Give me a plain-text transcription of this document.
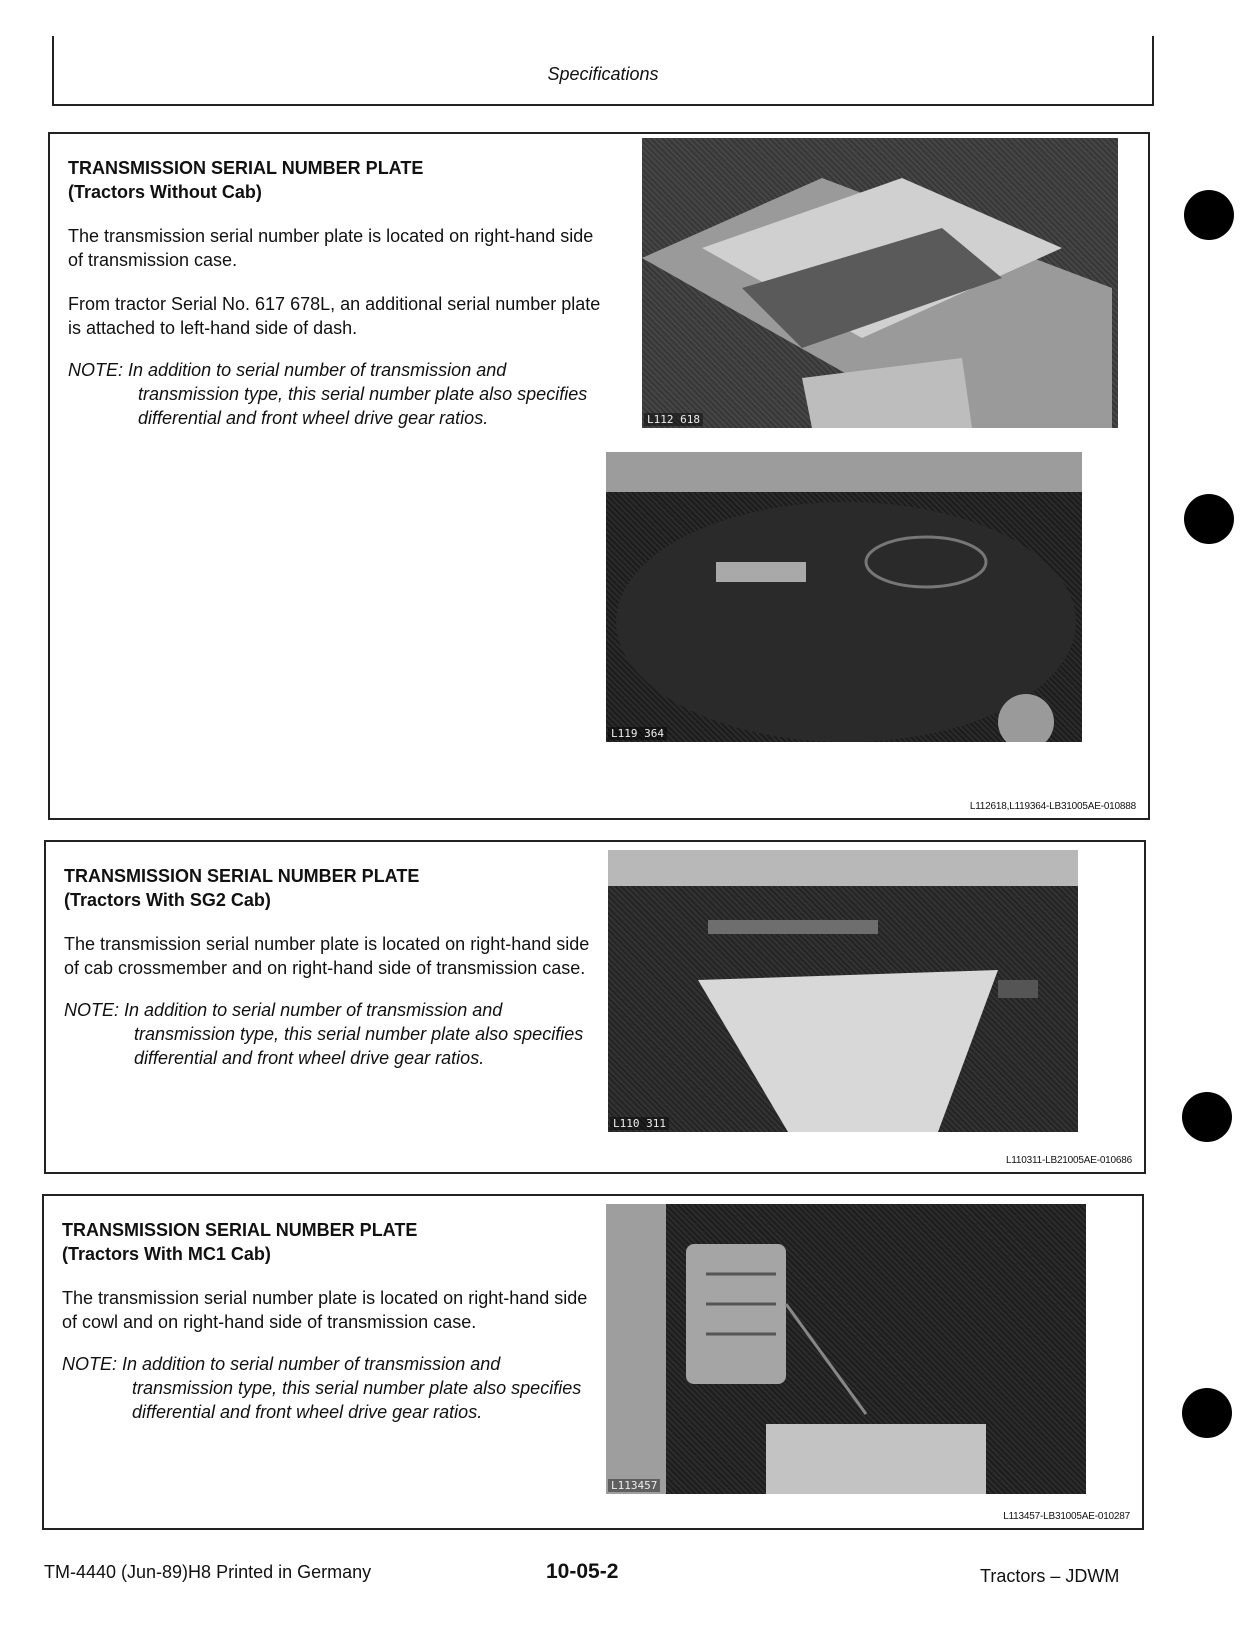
Specifications
TRANSMISSION SERIAL NUMBER PLATE
(Tractors Without Cab)
The transmission serial number plate is located on right-hand side of transmission case.
From tractor Serial No. 617 678L, an additional serial number plate is attached to left-hand side of dash.
NOTE: In addition to serial number of transmission and transmission type, this serial number plate also specifies differential and front wheel drive gear ratios.	L112 618
L119 364
L112618,L119364-LB31005AE-010888
TRANSMISSION SERIAL NUMBER PLATE
(Tractors With SG2 Cab)
The transmission serial number plate is located on right-hand side of cab crossmember and on right-hand side of transmission case.
NOTE: In addition to serial number of transmission and transmission type, this serial number plate also specifies differential and front wheel drive gear ratios.
L110 311
L110311-LB21005AE-010686
TRANSMISSION SERIAL NUMBER PLATE
(Tractors With MC1 Cab)
The transmission serial number plate is located on right-hand side of cowl and on right-hand side of transmission case.
NOTE: In addition to serial number of transmission and transmission type, this serial number plate also specifies differential and front wheel drive gear ratios.
L113457
L113457-LB31005AE-010287
TM-4440 (Jun-89)H8 Printed in Germany	10-05-2	Tractors – JDWM
